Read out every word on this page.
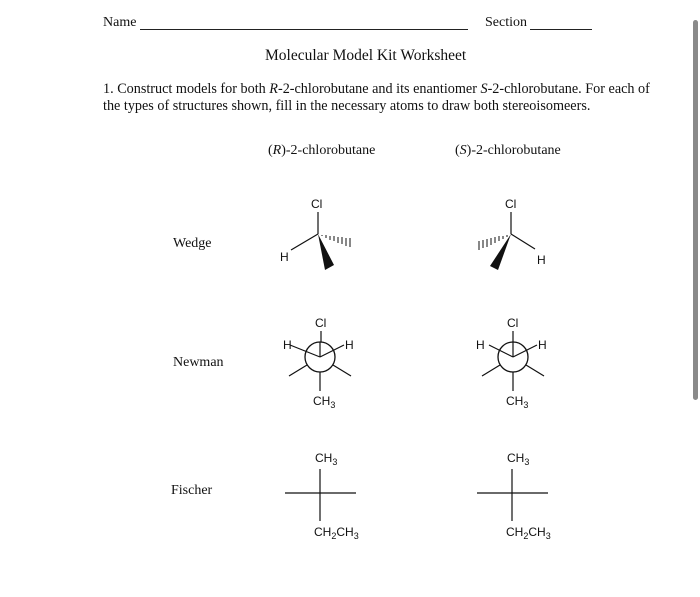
Name	Section
Molecular Model Kit Worksheet
1. Construct models for both R-2-chlorobutane and its enantiomer S-2-chlorobutane. For each of
the types of structures shown, fill in the necessary atoms to draw both stereoisomeers.
(R)-2-chlorobutane	(S)-2-chlorobutane
Wedge
Newman
Fischer
Cl
H
Cl
H
Cl
H	H
$CH_3$
Cl
H	H
$CH_3$
$CH_3$
$CH_2CH_3$
$CH_3$
$CH_2CH_3$
